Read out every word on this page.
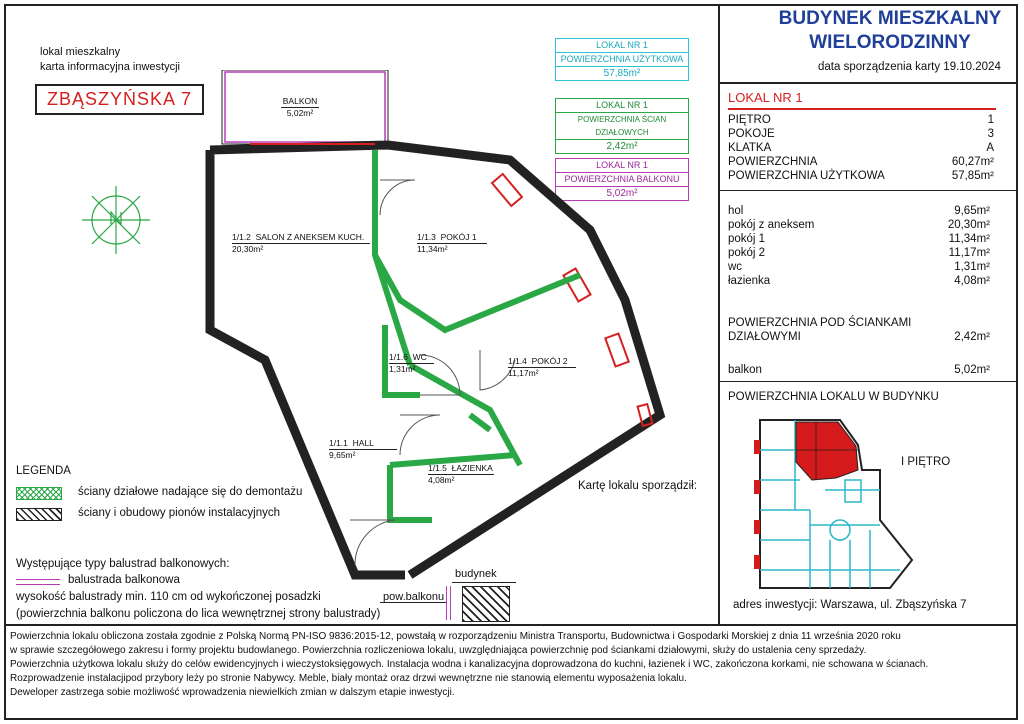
BUDYNEK MIESZKALNY
WIELORODZINNY
data sporządzenia karty 19.10.2024
lokal mieszkalny
karta informacyjna inwestycji
ZBĄSZYŃSKA 7
LOKAL NR 1
POWIERZCHNIA UŻYTKOWA
57,85m²
LOKAL NR 1
POWIERZCHNIA ŚCIAN DZIAŁOWYCH
2,42m²
LOKAL NR 1
POWIERZCHNIA BALKONU
5,02m²
LOKAL NR 1
PIĘTRO	1
POKOJE	3
KLATKA	A
POWIERZCHNIA	60,27m²
POWIERZCHNIA UŻYTKOWA	57,85m²
hol	9,65m²
pokój z aneksem	20,30m²
pokój 1	11,34m²
pokój 2	11,17m²
wc	1,31m²
łazienka	4,08m²
POWIERZCHNIA POD ŚCIANKAMI
DZIAŁOWYMI	2,42m²
balkon	5,02m²
POWIERZCHNIA LOKALU W BUDYNKU
I PIĘTRO
adres inwestycji: Warszawa, ul. Zbąszyńska 7
BALKON
5,02m²
1/1.2 SALON Z ANEKSEM KUCH.
20,30m²
1/1.3 POKÓJ 1
11,34m²
1/1.6 WC
1,31m²
1/1.4 POKÓJ 2
11,17m²
1/1.1 HALL
9,65m²
1/1.5 ŁAZIENKA
4,08m²	Kartę lokalu sporządził:
LEGENDA
ściany działowe nadające się do demontażu
ściany i obudowy pionów instalacyjnych
Występujące typy balustrad balkonowych:
balustrada balkonowa
wysokość balustrady min. 110 cm od wykończonej posadzki
(powierzchnia balkonu policzona do lica wewnętrznej strony balustrady)
budynek
pow.balkonu
Powierzchnia lokalu obliczona została zgodnie z Polską Normą PN-ISO 9836:2015-12, powstałą w rozporządzeniu Ministra Transportu, Budownictwa i Gospodarki Morskiej z dnia 11 września 2020 roku
w sprawie szczegółowego zakresu i formy projektu budowlanego. Powierzchnia rozliczeniowa lokalu, uwzględniająca powierzchnię pod ściankami działowymi, służy do ustalenia ceny sprzedaży.
Powierzchnia użytkowa lokalu służy do celów ewidencyjnych i wieczystoksięgowych. Instalacja wodna i kanalizacyjna doprowadzona do kuchni, łazienek i WC, zakończona korkami, nie schowana w ścianach.
Rozprowadzenie instalacjipod przybory leży po stronie Nabywcy. Meble, biały montaż oraz drzwi wewnętrzne nie stanowią elementu wyposażenia lokalu.
Deweloper zastrzega sobie możliwość wprowadzenia niewielkich zmian w dalszym etapie inwestycji.
